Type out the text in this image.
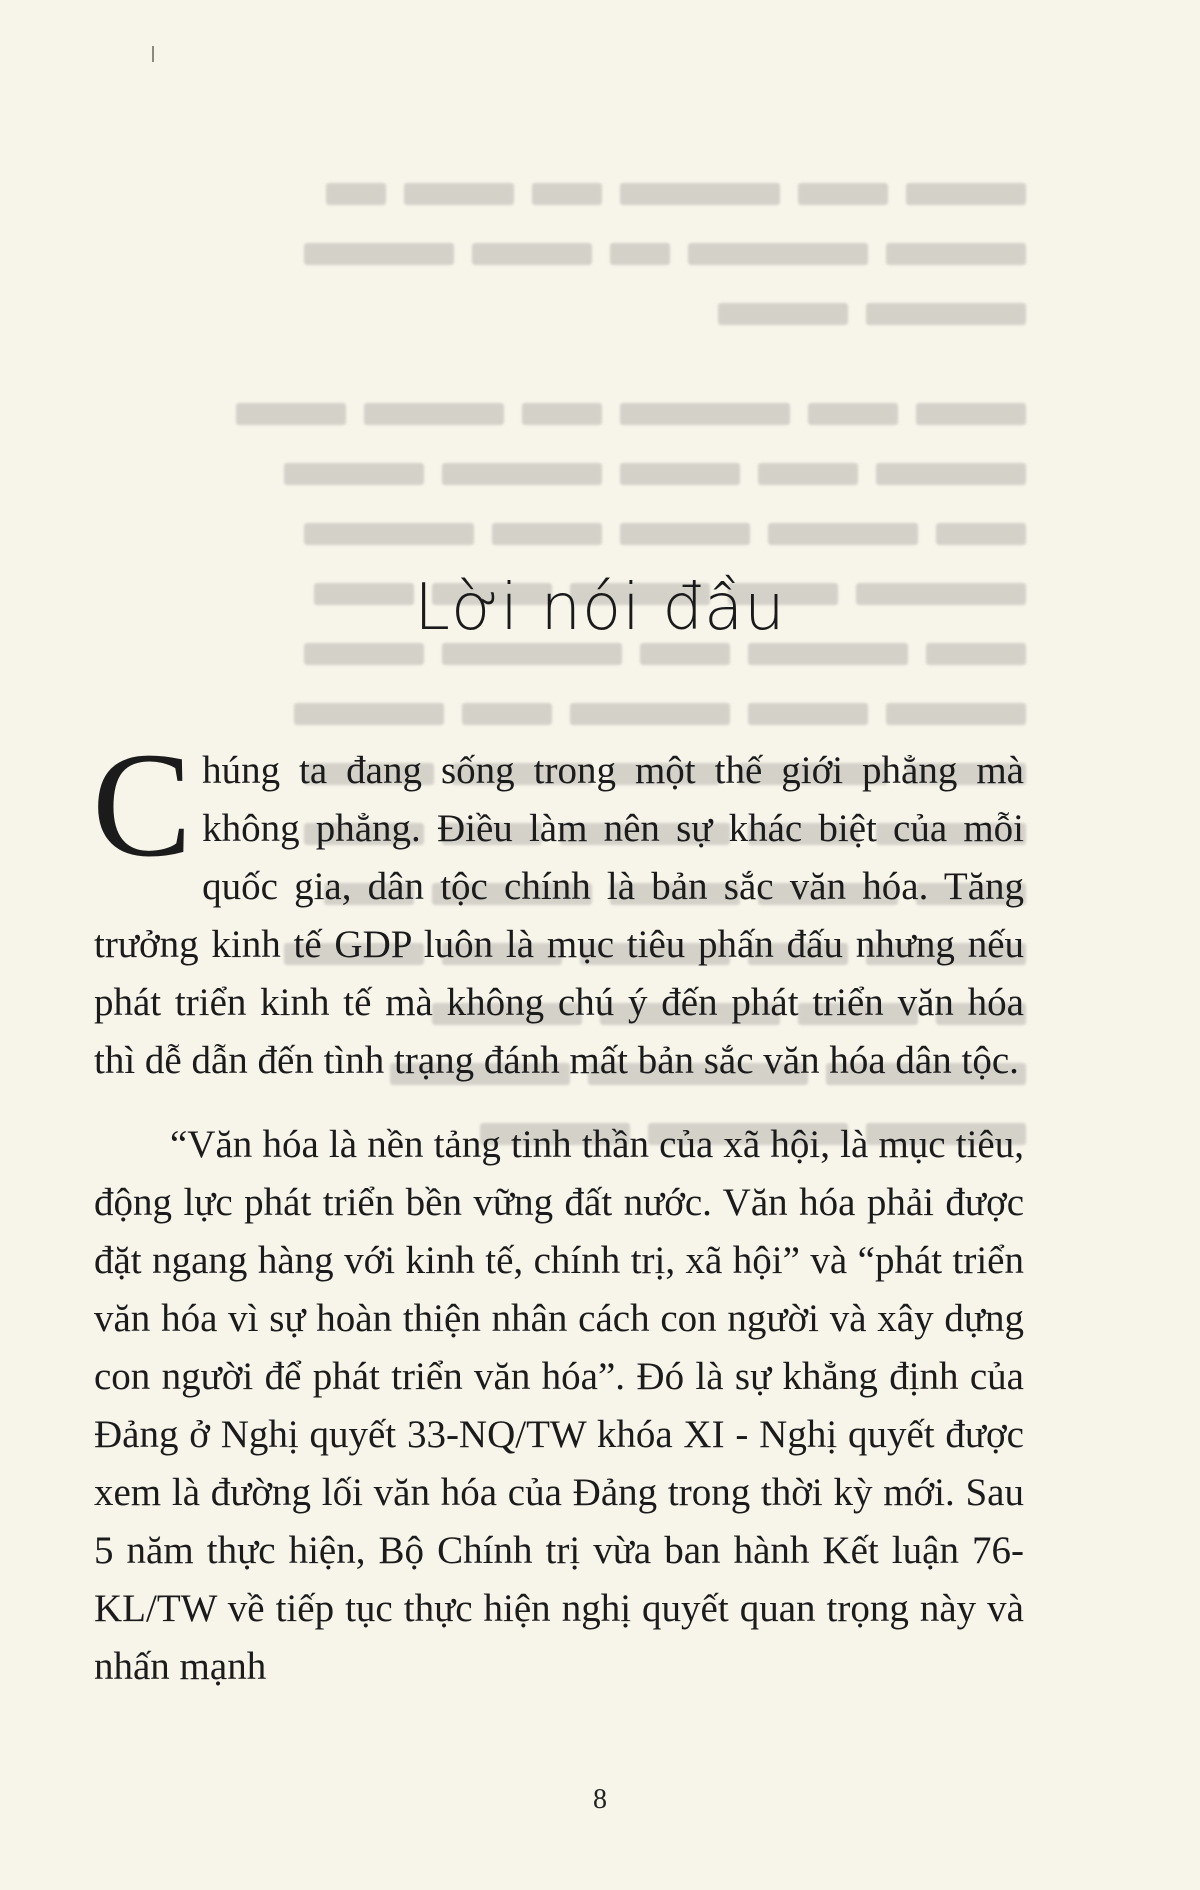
Lời nói đầu

Chúng ta đang sống trong một thế giới phẳng mà không phẳng. Điều làm nên sự khác biệt của mỗi quốc gia, dân tộc chính là bản sắc văn hóa. Tăng trưởng kinh tế GDP luôn là mục tiêu phấn đấu nhưng nếu phát triển kinh tế mà không chú ý đến phát triển văn hóa thì dễ dẫn đến tình trạng đánh mất bản sắc văn hóa dân tộc.

“Văn hóa là nền tảng tinh thần của xã hội, là mục tiêu, động lực phát triển bền vững đất nước. Văn hóa phải được đặt ngang hàng với kinh tế, chính trị, xã hội” và “phát triển văn hóa vì sự hoàn thiện nhân cách con người và xây dựng con người để phát triển văn hóa”. Đó là sự khẳng định của Đảng ở Nghị quyết 33-NQ/TW khóa XI - Nghị quyết được xem là đường lối văn hóa của Đảng trong thời kỳ mới. Sau 5 năm thực hiện, Bộ Chính trị vừa ban hành Kết luận 76-KL/TW về tiếp tục thực hiện nghị quyết quan trọng này và nhấn mạnh

8
